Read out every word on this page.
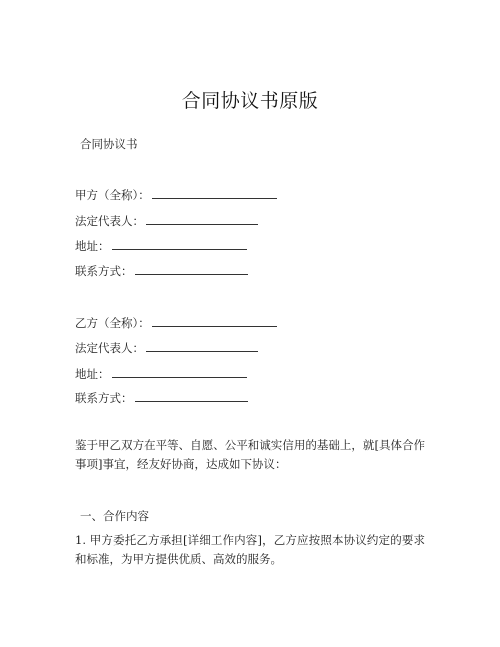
合同协议书原版
合同协议书
甲方（全称）：
法定代表人：
地址：
联系方式：
乙方（全称）：
法定代表人：
地址：
联系方式：
鉴于甲乙双方在平等、自愿、公平和诚实信用的基础上，就[具体合作事项]事宜，经友好协商，达成如下协议：
一、合作内容
1. 甲方委托乙方承担[详细工作内容]，乙方应按照本协议约定的要求和标准，为甲方提供优质、高效的服务。
